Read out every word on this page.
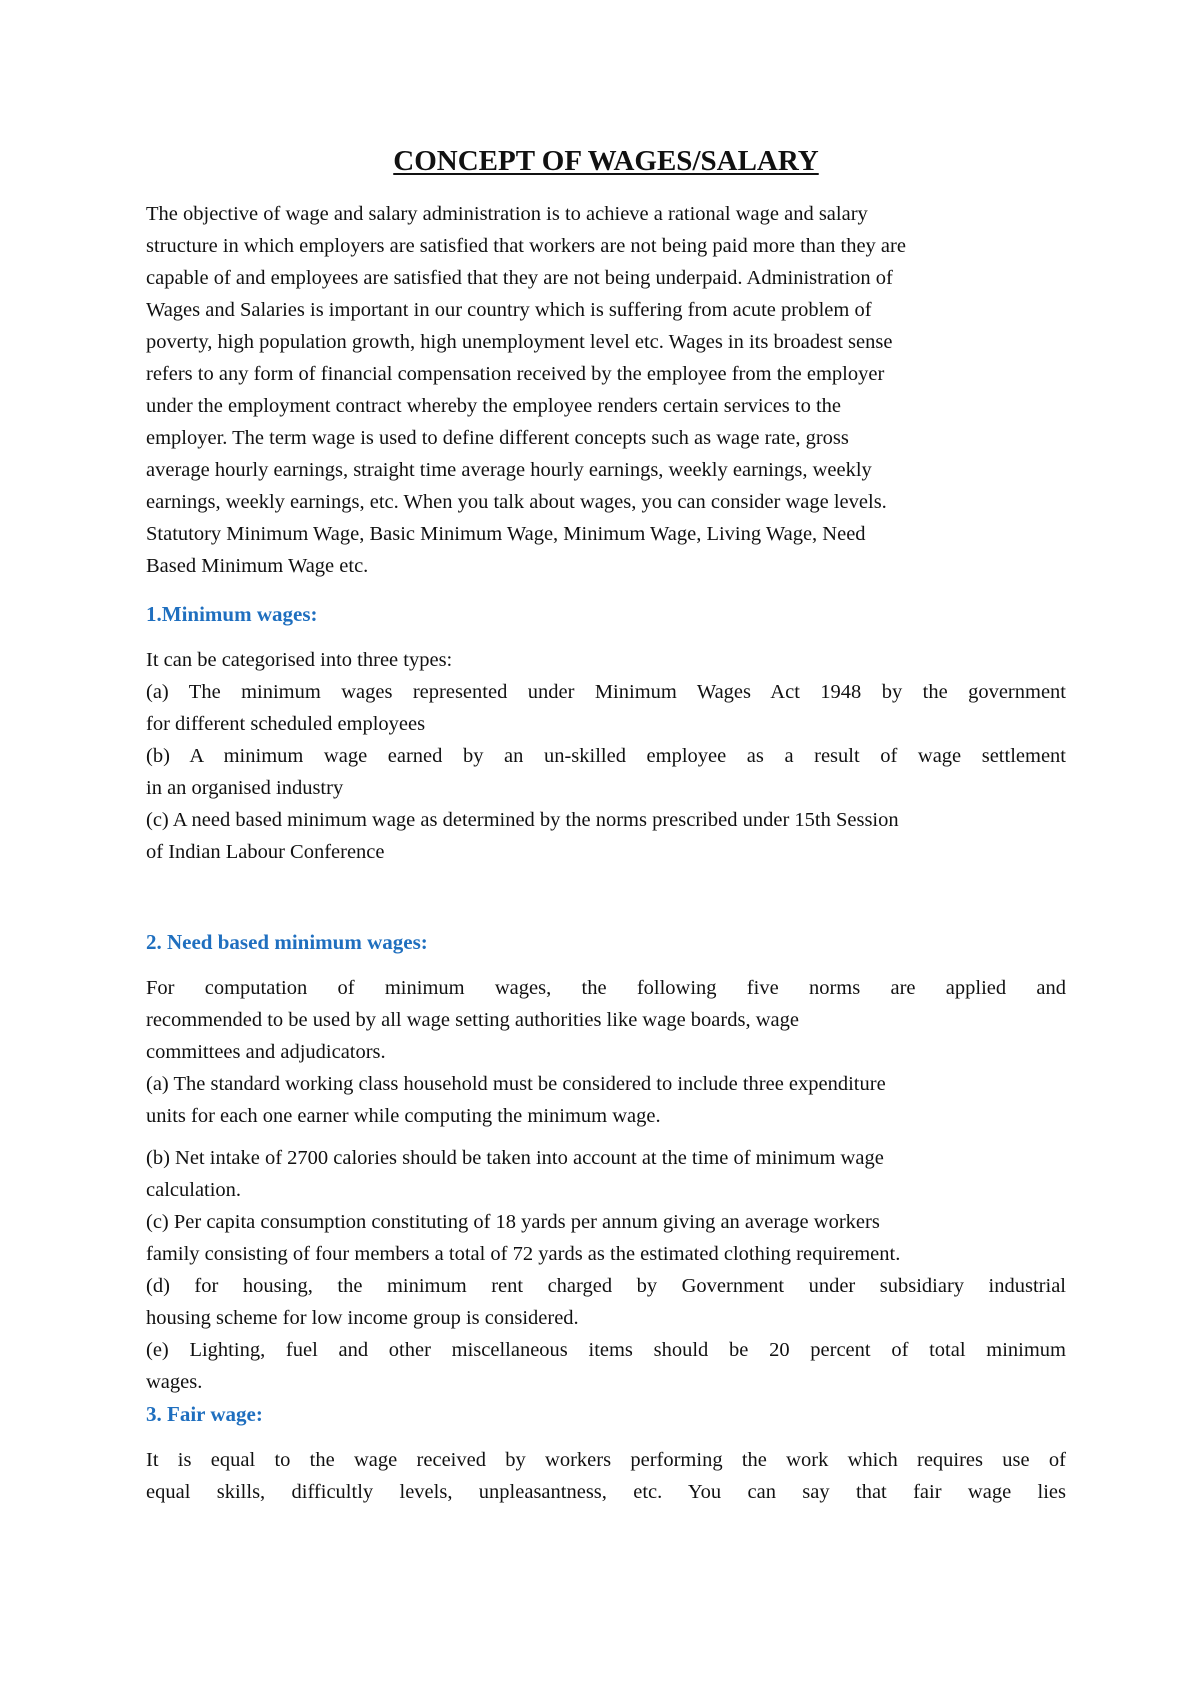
CONCEPT OF WAGES/SALARY
The objective of wage and salary administration is to achieve a rational wage and salary
structure in which employers are satisfied that workers are not being paid more than they are
capable of and employees are satisfied that they are not being underpaid. Administration of
Wages and Salaries is important in our country which is suffering from acute problem of
poverty, high population growth, high unemployment level etc. Wages in its broadest sense
refers to any form of financial compensation received by the employee from the employer
under the employment contract whereby the employee renders certain services to the
employer. The term wage is used to define different concepts such as wage rate, gross
average hourly earnings, straight time average hourly earnings, weekly earnings, weekly
earnings, weekly earnings, etc. When you talk about wages, you can consider wage levels.
Statutory Minimum Wage, Basic Minimum Wage, Minimum Wage, Living Wage, Need
Based Minimum Wage etc.
1.Minimum wages:
It can be categorised into three types:
(a) The minimum wages represented under Minimum Wages Act 1948 by the government
for different scheduled employees
(b) A minimum wage earned by an un-skilled employee as a result of wage settlement
in an organised industry
(c) A need based minimum wage as determined by the norms prescribed under 15th Session
of Indian Labour Conference
2. Need based minimum wages:
For computation of minimum wages, the following five norms are applied and
recommended to be used by all wage setting authorities like wage boards, wage
committees and adjudicators.
(a) The standard working class household must be considered to include three expenditure
units for each one earner while computing the minimum wage.
(b) Net intake of 2700 calories should be taken into account at the time of minimum wage
calculation.
(c) Per capita consumption constituting of 18 yards per annum giving an average workers
family consisting of four members a total of 72 yards as the estimated clothing requirement.
(d) for housing, the minimum rent charged by Government under subsidiary industrial
housing scheme for low income group is considered.
(e) Lighting, fuel and other miscellaneous items should be 20 percent of total minimum
wages.
3. Fair wage:
It is equal to the wage received by workers performing the work which requires use of
equal skills, difficultly levels, unpleasantness, etc. You can say that fair wage lies
